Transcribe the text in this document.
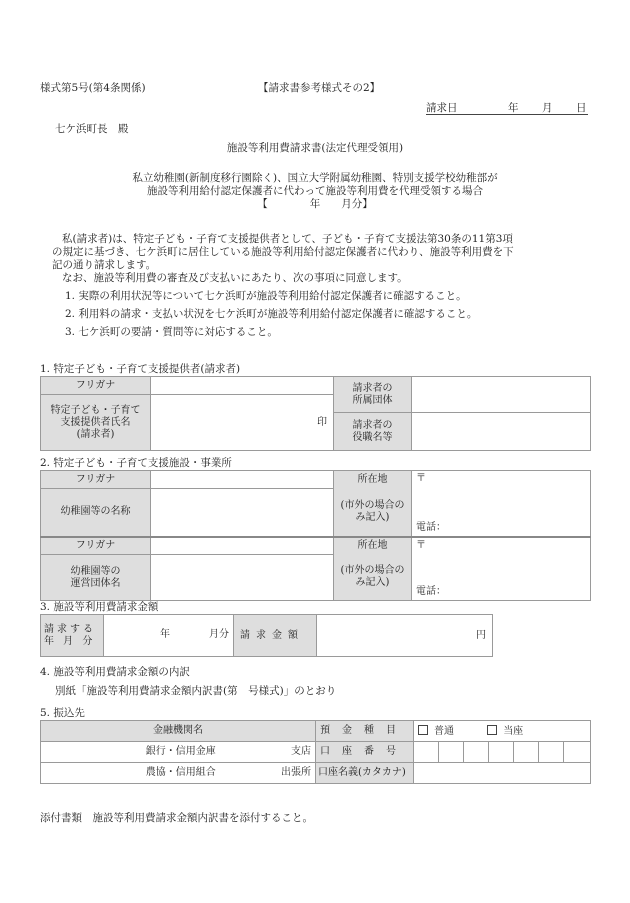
様式第5号(第4条関係)	【請求書参考様式その2】
請求日	年 月 日
七ケ浜町長　殿
施設等利用費請求書(法定代理受領用)
私立幼稚園(新制度移行園除く)、国立大学附属幼稚園、特別支援学校幼稚部が
施設等利用給付認定保護者に代わって施設等利用費を代理受領する場合
【　　　　年　　月分】
私(請求者)は、特定子ども・子育て支援提供者として、子ども・子育て支援法第30条の11第3項
の規定に基づき、七ケ浜町に居住している施設等利用給付認定保護者に代わり、施設等利用費を下
記の通り請求します。
なお、施設等利用費の審査及び支払いにあたり、次の事項に同意します。
1. 実際の利用状況等について七ケ浜町が施設等利用給付認定保護者に確認すること。
2. 利用料の請求・支払い状況を七ケ浜町が施設等利用給付認定保護者に確認すること。
3. 七ケ浜町の要請・質問等に対応すること。
1. 特定子ども・子育て支援提供者(請求者)
フリガナ		請求者の
所属団体	
特定子ども・子育て
支援提供者氏名
(請求者)	印		
		請求者の
役職名等	
2. 特定子ども・子育て支援施設・事業所
フリガナ		所在地	〒
電話：

幼稚園等の名称		(市外の場合の
み記入)	
フリガナ		所在地	〒
電話：

幼稚園等の
運営団体名		(市外の場合の
み記入)	
3. 施設等利用費請求金額
請求する
年 月 分	
年	月分	請求金額	円
4. 施設等利用費請求金額の内訳
別紙「施設等利用費請求金額内訳書(第　号様式)」のとおり
5. 振込先
金融機関名		預金種目	普通 当座						
銀行・信用金庫	支店	口座番号							
農協・信用組合	出張所	口座名義(カタカナ)							
添付書類　施設等利用費請求金額内訳書を添付すること。
